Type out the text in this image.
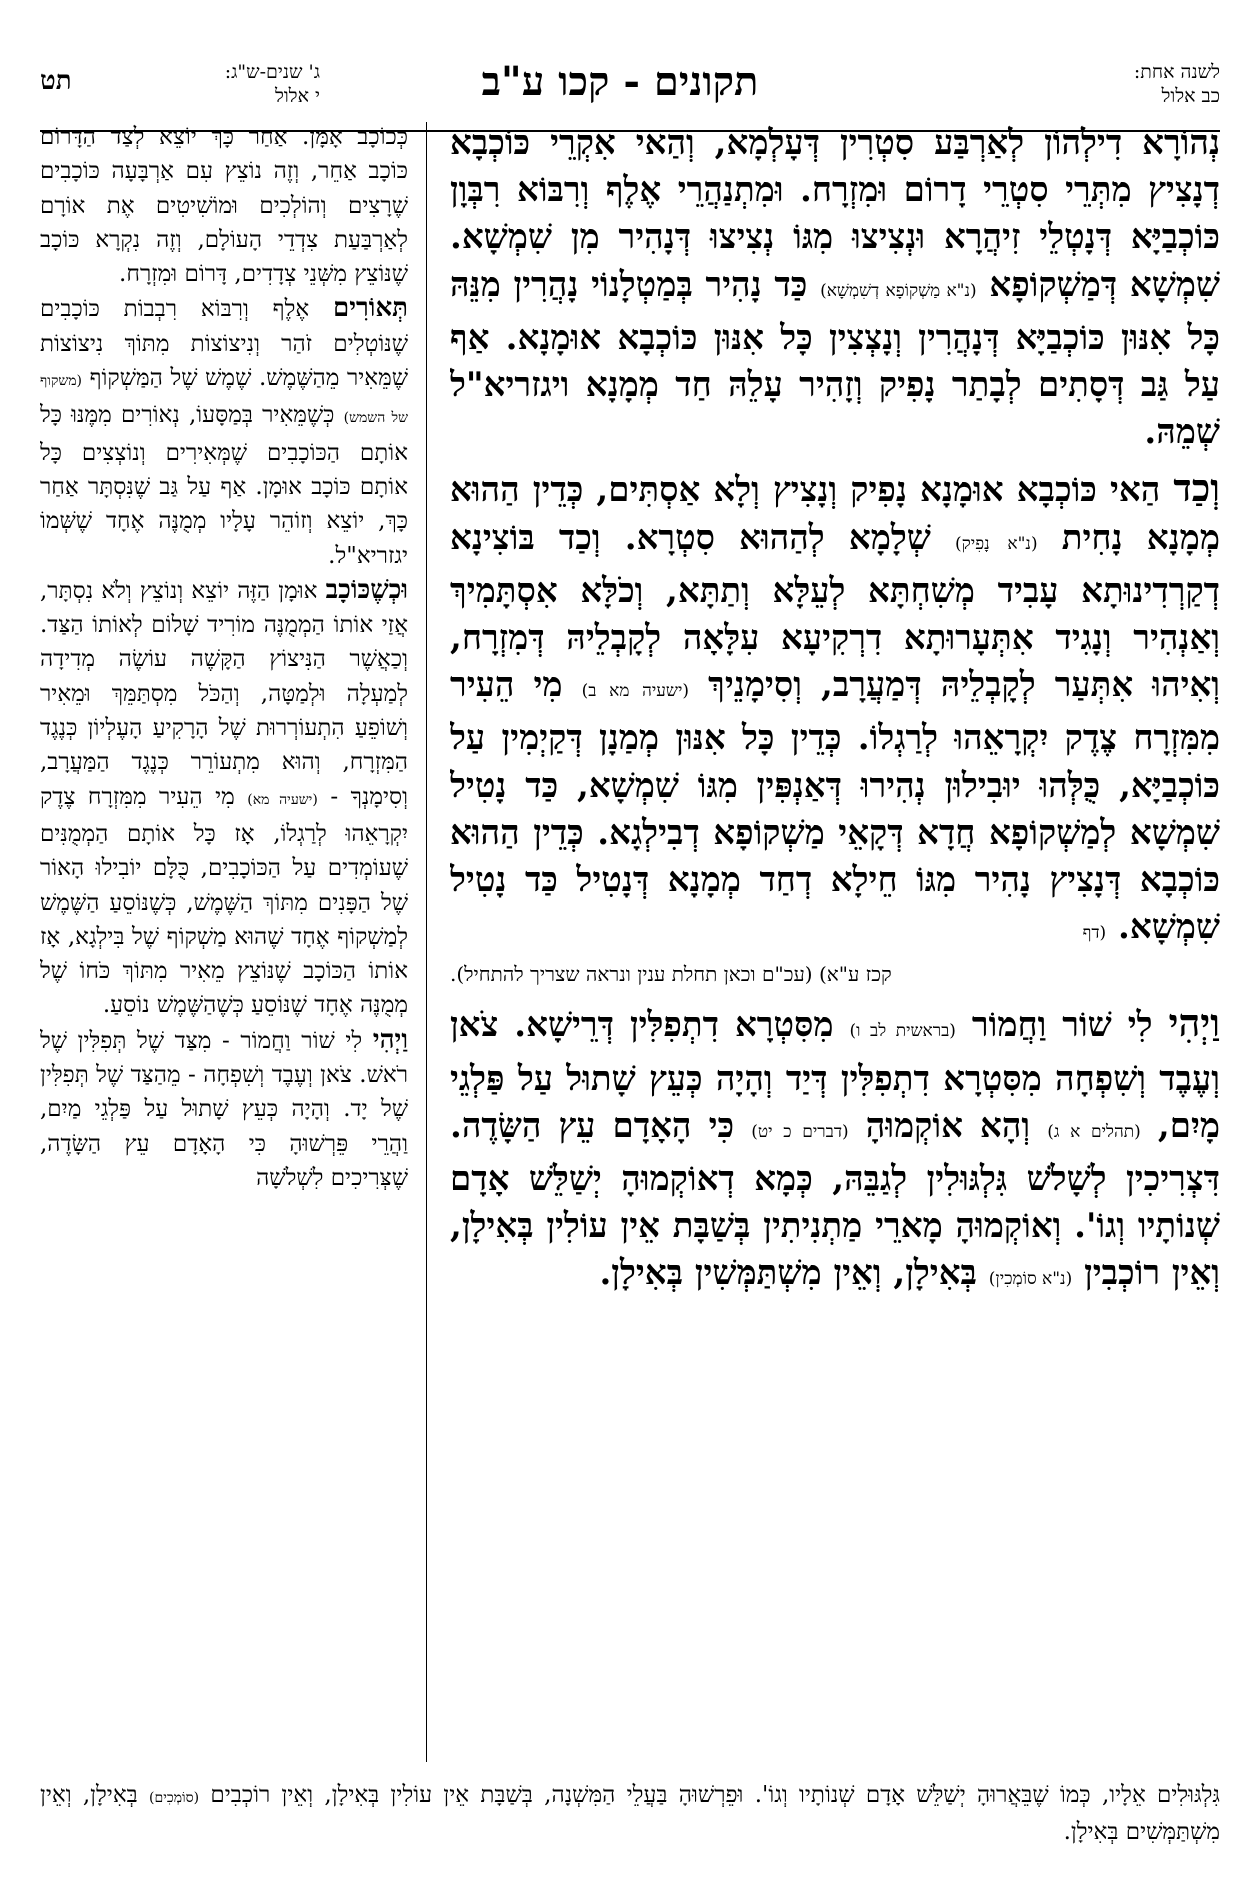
לשנה אחת:
כב אלול
תקונים - קכו ע"ב
ג' שנים-ש"ג:
י אלול
תט

נְהוֹרָא דִילְהוֹן לְאַרְבַּע סִטְרִין דְּעָלְמָא, וְהַאי אִקְרֵי כּוֹכְבָא דְנָצִיץ מִתְּרֵי סִטְרֵי דָרוֹם וּמִזְרָח. וּמִתְנַהֲרֵי אֶלֶף וְרִבּוֹא רִבְּוָן כּוֹכְבַיָּא דְּנָטְלֵי זִיהֲרָא וּנְצִיצוּ מִגּוֹ נְצִיצוּ דְּנָהִיר מִן שִׁמְשָׁא. שִׁמְשָׁא דְּמַשְׁקוֹפָא (נ"א מַשְׁקוֹפָא דְשִׁמְשָׁא) כַּד נָהִיר בְּמַטְלָנוֹי נָהֲרִין מִנֵּהּ כָּל אִנּוּן כּוֹכְבַיָּא דְּנָהֲרִין וְנָצְצִין כָּל אִנּוּן כּוֹכְבָא אוּמָנָא. אַף עַל גַּב דְּסָתִים לְבָתַר נָפִיק וְזָהִיר עָלֵהּ חַד מְמָנָא ויגזריא"ל שְׁמֵהּ.

וְכַד הַאי כּוֹכְבָא אוּמָנָא נָפִיק וְנָצִיץ וְלָא אַסְתִּים, כְּדֵין הַהוּא מְמָנָא נָחִית (נ"א נָפִיק) שְׁלָמָא לְהַהוּא סִטְרָא. וְכַד בּוֹצִינָא דְקַרְדִינוּתָא עָבִיד מְשִׁחְתָּא לְעֵלָּא וְתַתָּא, וְכֹלָּא אִסְתָּמִיךְ וְאַנְהִיר וְנָגִיד אִתְּעָרוּתָא דִרְקִיעָא עִלָּאָה לְקָבְלֵיהּ דְּמִזְרָח, וְאִיהוּ אִתְּעַר לְקָבְלֵיהּ דְּמַעֲרָב, וְסִימָנֵיךְ (ישעיה מא ב) מִי הֵעִיר מִמִּזְרָח צֶדֶק יִקְרָאֵהוּ לְרַגְלוֹ. כְּדֵין כָּל אִנּוּן מְמַנָן דְּקַיְמִין עַל כּוֹכְבַיָּא, כֻּלְּהוּ יוּבִילוּן נְהִירוּ דְּאַנְפִּין מִגּוֹ שִׁמְשָׁא, כַּד נָטִיל שִׁמְשָׁא לְמַשְׁקוֹפָא חֲדָא דְּקָאֵי מַשְׁקוֹפָא דְבִילְגָא. כְּדֵין הַהוּא כּוֹכְבָא דְּנָצִיץ נָהִיר מִגּוֹ חֵילָא דְחַד מְמָנָא דְּנָטִיל כַּד נָטִיל שִׁמְשָׁא. (דף

קכז ע"א) (עכ"ם וכאן תחלת ענין ונראה שצריך להתחיל).

וַיְהִי לִי שׁוֹר וַחֲמוֹר (בראשית לב ו) מִסִּטְרָא דִתְפִלִּין דְּרֵישָׁא. צֹאן וְעֶבֶד וְשִׁפְחָה מִסִּטְרָא דִתְפִלִּין דְּיַד וְהָיָה כְּעֵץ שָׁתוּל עַל פַּלְגֵי מָיִם, (תהלים א ג) וְהָא אוֹקְמוּהָ (דברים כ יט) כִּי הָאָדָם עֵץ הַשָּׂדֶה. דִּצְרִיכִין לְשָׁלֹשׁ גִּלְגּוּלִין לְגַבֵּהּ, כְּמָא דְאוֹקְמוּהָ יְשַׁלֵּשׁ אָדָם שְׁנוֹתָיו וְגוֹ'. וְאוֹקְמוּהָ מָארֵי מַתְנִיתִין בְּשַׁבָּת אֵין עוֹלִין בְּאִילָן, וְאֵין רוֹכְבִין (נ"א סוֹמְכִין) בְּאִילָן, וְאֵין מִשְׁתַּמְּשִׁין בְּאִילָן.

כְּכוֹכָב אָמָּן. אַחַר כָּךְ יוֹצֵא לְצַד הַדָּרוֹם כּוֹכָב אַחֵר, וְזֶה נוֹצֵץ עִם אַרְבָּעָה כּוֹכָבִים שֶׁרָצִים וְהוֹלְכִים וּמוֹשִׁיטִים אֶת אוֹרָם לְאַרְבַּעַת צִדְדֵי הָעוֹלָם, וְזֶה נִקְרָא כּוֹכָב שֶׁנּוֹצֵץ מִשְּׁנֵי צְדָדִים, דָּרוֹם וּמִזְרָח.

תְּאוֹרִים אֶלֶף וְרִבּוֹא רִבְבוֹת כּוֹכָבִים שֶׁנּוֹטְלִים זֹהַר וְנִיצוֹצוֹת מִתּוֹךְ נִיצוֹצוֹת שֶׁמֵּאִיר מֵהַשֶּׁמֶשׁ. שֶׁמֶשׁ שֶׁל הַמַּשְׁקוֹף (משקוף של השמש) כְּשֶׁמֵּאִיר בְּמַסָּעוֹ, נְאוֹרִים מִמֶּנּוּ כָּל אוֹתָם הַכּוֹכָבִים שֶׁמְּאִירִים וְנוֹצְצִים כָּל אוֹתָם כּוֹכָב אוּמָן. אַף עַל גַּב שֶׁנִּסְתָּר אַחַר כָּךְ, יוֹצֵא וְזוֹהֵר עָלָיו מְמֻנֶּה אֶחָד שֶׁשְּׁמוֹ יגזריא"ל.

וּכְשֶׁכּוֹכָב אוּמָן הַזֶּה יוֹצֵא וְנוֹצֵץ וְלֹא נִסְתָּר, אֲזַי אוֹתוֹ הַמְמֻנֶּה מוֹרִיד שָׁלוֹם לְאוֹתוֹ הַצַּד. וְכַאֲשֶׁר הַנִּיצוֹץ הַקָּשֶׁה עוֹשֶׂה מְדִידָה לְמַעְלָה וּלְמַטָּה, וְהַכֹּל מִסְתַּמֵּךְ וּמֵאִיר וְשׁוֹפֵעַ הִתְעוֹרְרוּת שֶׁל הָרָקִיעַ הָעֶלְיוֹן כְּנֶגֶד הַמִּזְרָח, וְהוּא מִתְעוֹרֵר כְּנֶגֶד הַמַּעֲרָב, וְסִימָנְךָ - (ישעיה מא) מִי הֵעִיר מִמִּזְרָח צֶדֶק יִקְרָאֵהוּ לְרַגְלוֹ, אָז כָּל אוֹתָם הַמְמֻנִּים שֶׁעוֹמְדִים עַל הַכּוֹכָבִים, כֻּלָּם יוֹבִילוּ הָאוֹר שֶׁל הַפָּנִים מִתּוֹךְ הַשֶּׁמֶשׁ, כְּשֶׁנּוֹסֵעַ הַשֶּׁמֶשׁ לְמַשְׁקוֹף אֶחָד שֶׁהוּא מַשְׁקוֹף שֶׁל בִּילְגָא, אָז אוֹתוֹ הַכּוֹכָב שֶׁנּוֹצֵץ מֵאִיר מִתּוֹךְ כֹּחוֹ שֶׁל מְמֻנֶּה אֶחָד שֶׁנּוֹסֵעַ כְּשֶׁהַשֶּׁמֶשׁ נוֹסֵעַ.

וַיְהִי לִי שׁוֹר וַחֲמוֹר - מִצַּד שֶׁל תְּפִלִּין שֶׁל רֹאשׁ. צֹאן וְעֶבֶד וְשִׁפְחָה - מֵהַצַּד שֶׁל תְּפִלִּין שֶׁל יָד. וְהָיָה כְּעֵץ שָׁתוּל עַל פַּלְגֵי מַיִם, וַהֲרֵי פֵּרְשׁוּהָ כִּי הָאָדָם עֵץ הַשָּׂדֶה, שֶׁצְּרִיכִים לִשְׁלֹשָׁה

גִּלְגּוּלִים אֵלָיו, כְּמוֹ שֶׁבֵּאֲרוּהָ יְשַׁלֵּשׁ אָדָם שְׁנוֹתָיו וְגוֹ'. וּפֵרְשׁוּהָ בַּעֲלֵי הַמִּשְׁנָה, בְּשַׁבָּת אֵין עוֹלִין בְּאִילָן, וְאֵין רוֹכְבִים (סוֹמְכִים) בְּאִילָן, וְאֵין מִשְׁתַּמְּשִׁים בְּאִילָן.
